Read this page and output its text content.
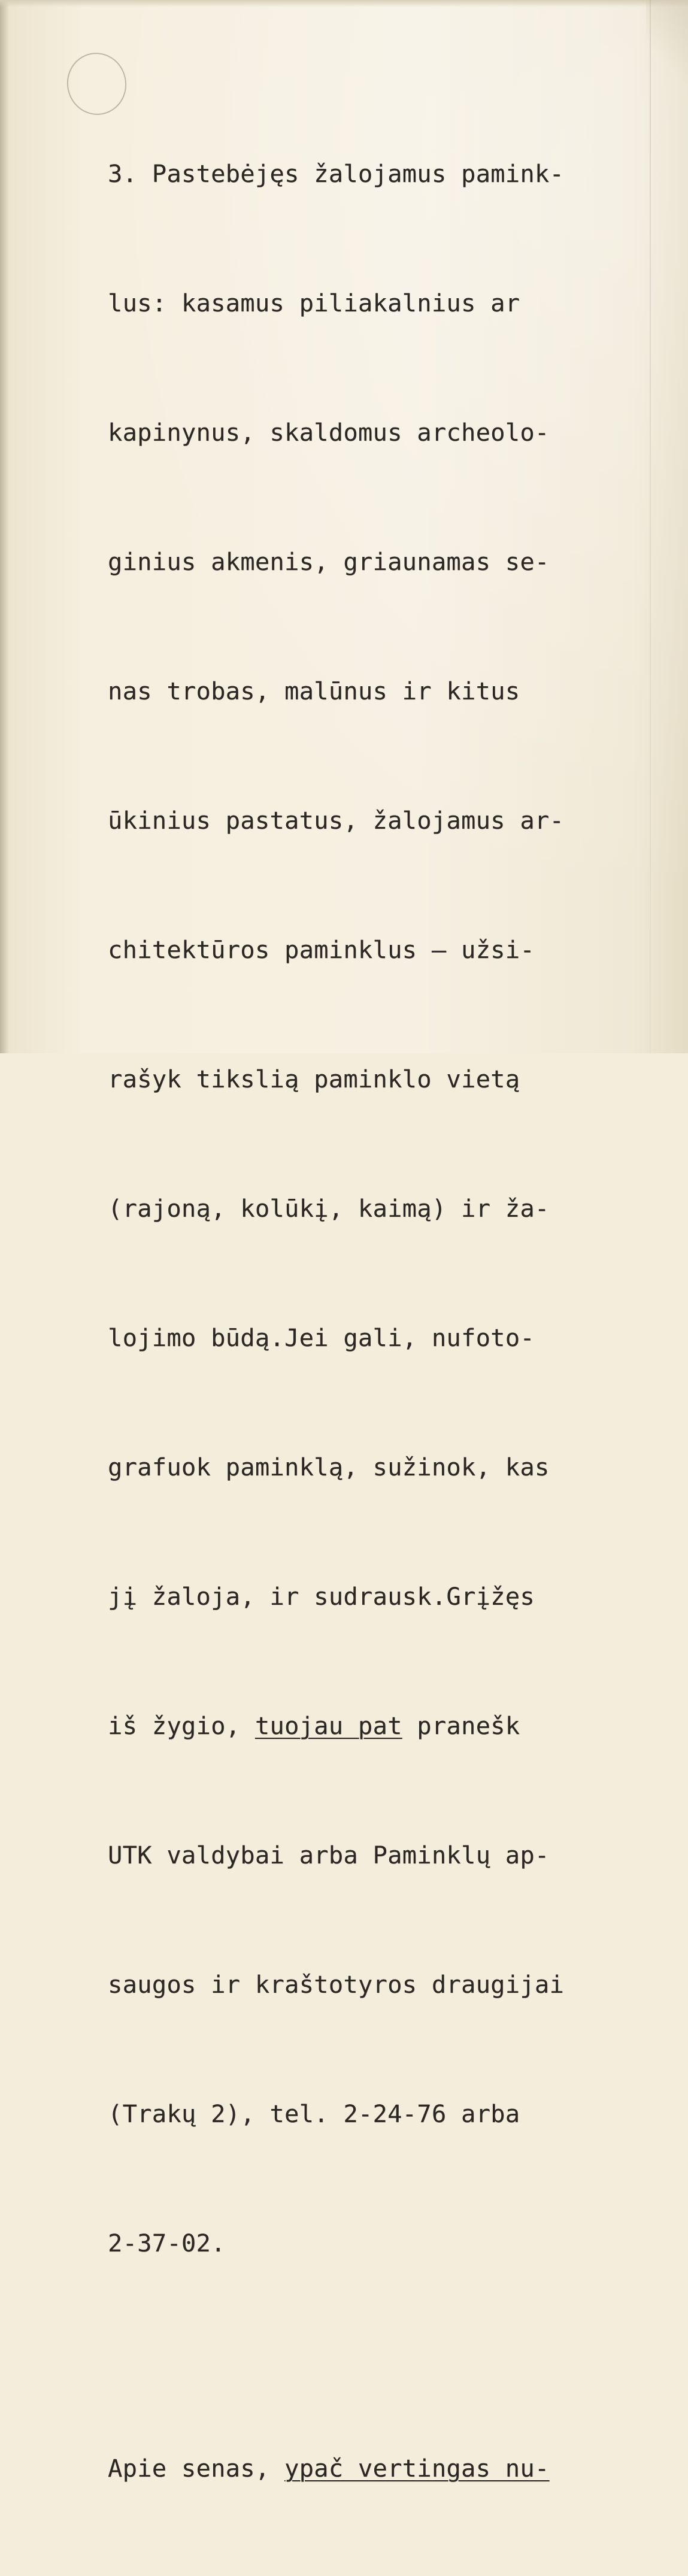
3. Pastebėjęs žalojamus pamink-

lus: kasamus piliakalnius ar

kapinynus, skaldomus archeolo-

ginius akmenis, griaunamas se-

nas trobas, malūnus ir kitus

ūkinius pastatus, žalojamus ar-

chitektūros paminklus — užsi-

rašyk tikslią paminklo vietą

(rajoną, kolūkį, kaimą) ir ža-

lojimo būdą.Jei gali, nufoto-

grafuok paminklą, sužinok, kas

jį žaloja, ir sudrausk.Grįžęs

iš žygio, tuojau pat pranešk

UTK valdybai arba Paminklų ap-

saugos ir kraštotyros draugijai

(Trakų 2), tel. 2-24-76 arba

2-37-02.

Apie senas, ypač vertingas nu-
